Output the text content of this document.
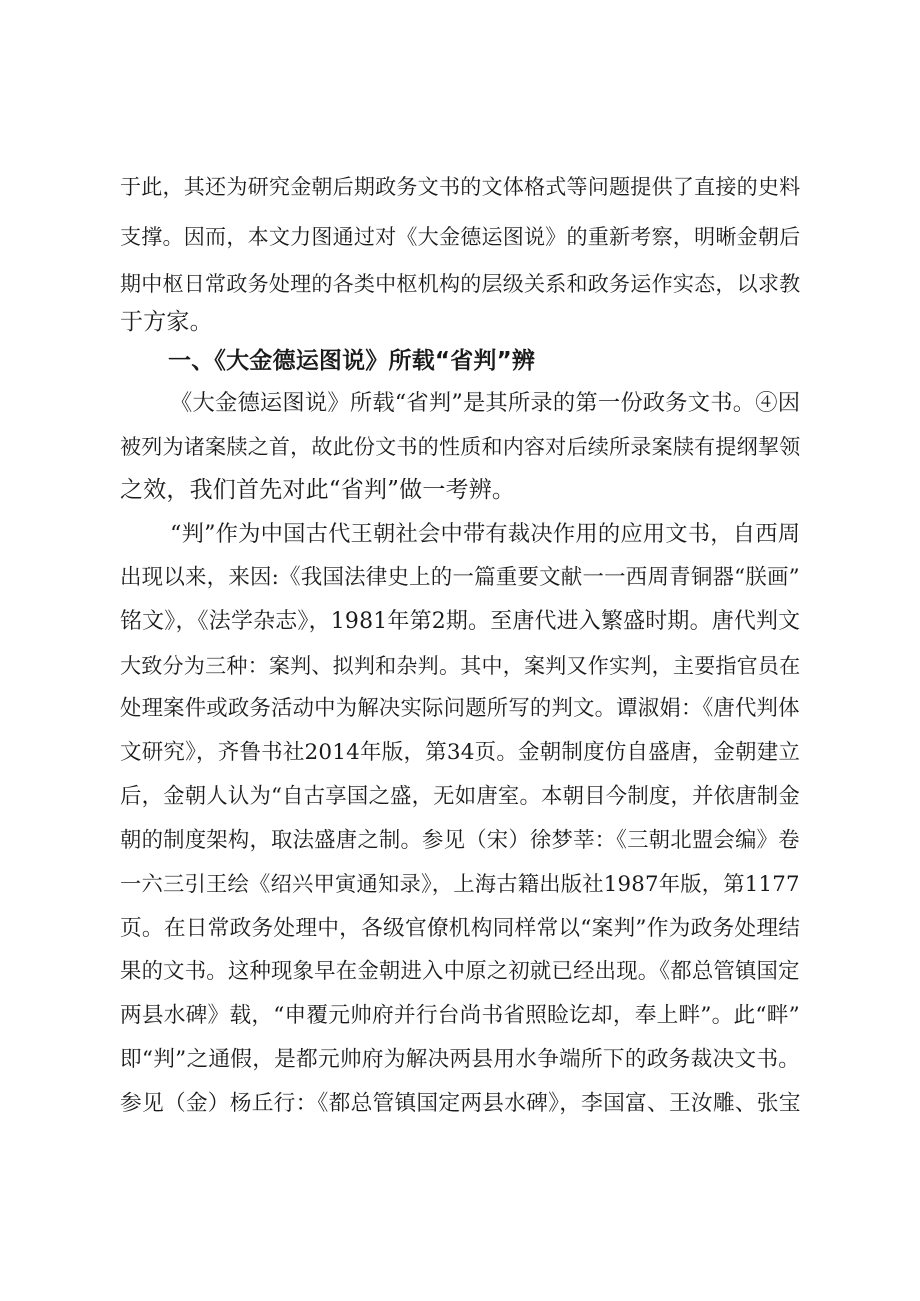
于此，其还为研究金朝后期政务文书的文体格式等问题提供了直接的史料
支撑。因而，本文力图通过对《大金德运图说》的重新考察，明晰金朝后
期中枢日常政务处理的各类中枢机构的层级关系和政务运作实态，以求教
于方家。
一、《大金德运图说》所载“省判”辨
《大金德运图说》所载“省判”是其所录的第一份政务文书。④因
被列为诸案牍之首，故此份文书的性质和内容对后续所录案牍有提纲挈领
之效，我们首先对此“省判”做一考辨。
“判”作为中国古代王朝社会中带有裁决作用的应用文书，自西周
出现以来，来因:《我国法律史上的一篇重要文献一一西周青铜器“朕画”
铭文》，《法学杂志》，1981年第2期。至唐代进入繁盛时期。唐代判文
大致分为三种：案判、拟判和杂判。其中，案判又作实判，主要指官员在
处理案件或政务活动中为解决实际问题所写的判文。谭淑娟：《唐代判体
文研究》，齐鲁书社2014年版，第34页。金朝制度仿自盛唐，金朝建立
后，金朝人认为“自古享国之盛，无如唐室。本朝目今制度，并依唐制金
朝的制度架构，取法盛唐之制。参见（宋）徐梦莘：《三朝北盟会编》卷
一六三引王绘《绍兴甲寅通知录》，上海古籍出版社1987年版，第1177
页。在日常政务处理中，各级官僚机构同样常以“案判”作为政务处理结
果的文书。这种现象早在金朝进入中原之初就已经出现。《都总管镇国定
两县水碑》载，“申覆元帅府并行台尚书省照睑讫却，奉上畔”。此“畔”
即“判”之通假，是都元帅府为解决两县用水争端所下的政务裁决文书。
参见（金）杨丘行：《都总管镇国定两县水碑》，李国富、王汝雕、张宝
